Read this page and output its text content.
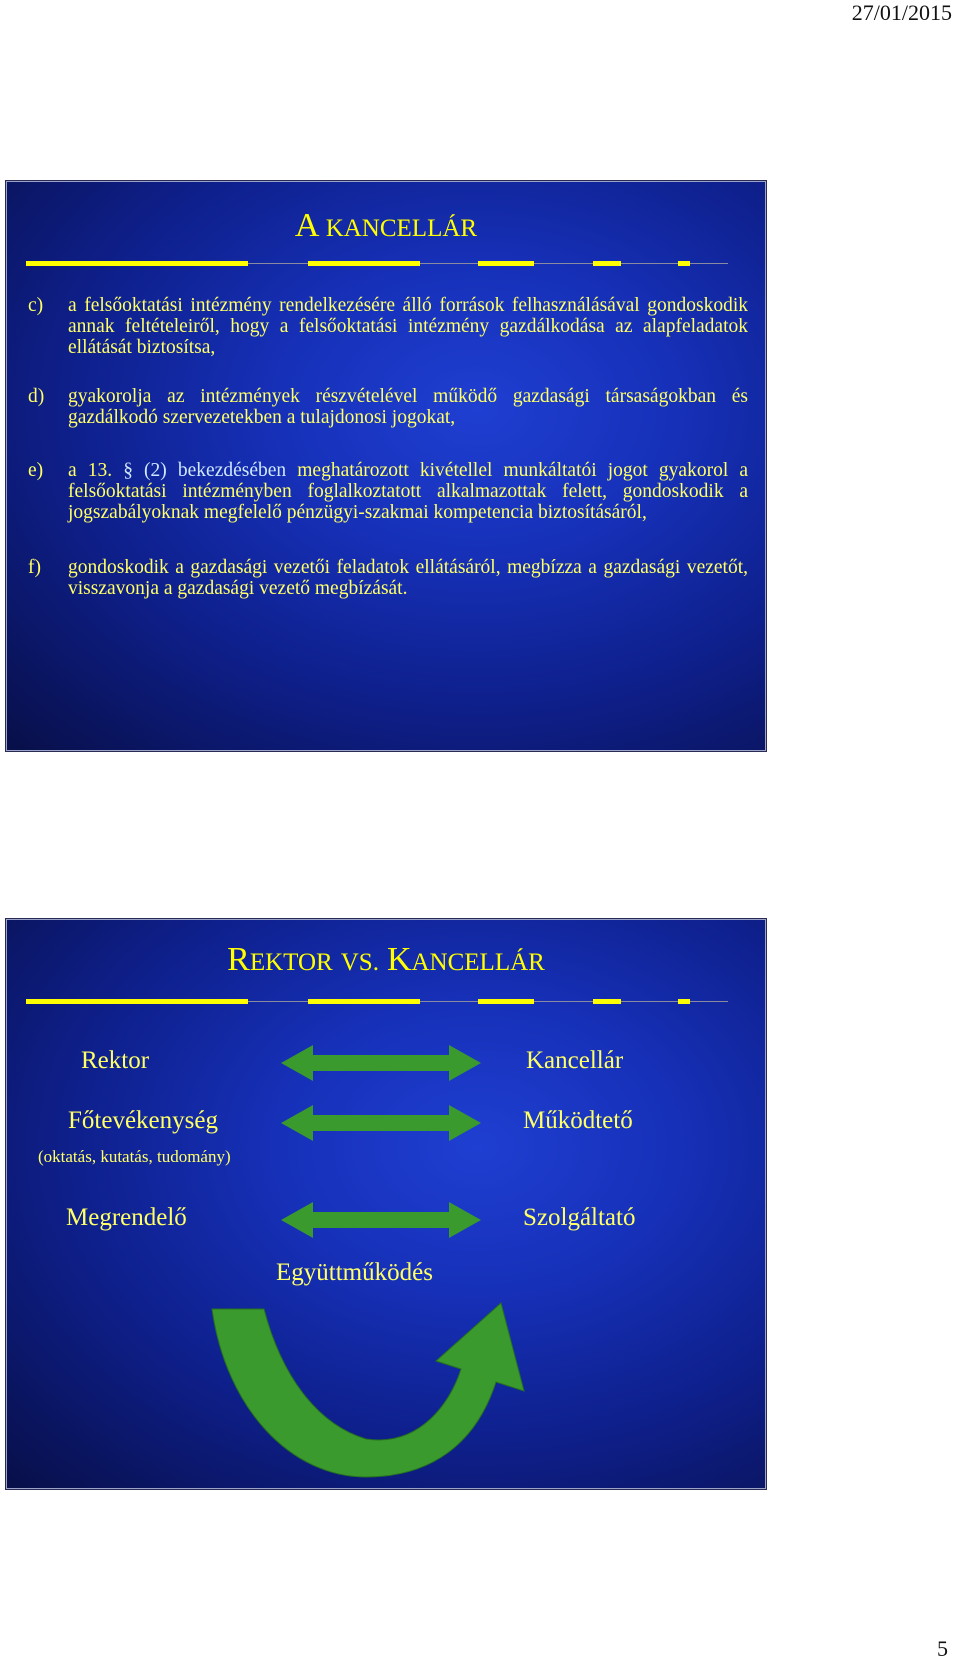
27/01/2015
A KANCELLÁR
c)	a felsőoktatási intézmény rendelkezésére álló források felhasználásával gondoskodik annak feltételeiről, hogy a felsőoktatási intézmény gazdálkodása az alapfeladatok ellátását biztosítsa,
d)	gyakorolja az intézmények részvételével működő gazdasági társaságokban és gazdálkodó szervezetekben a tulajdonosi jogokat,
e)	a 13. § (2) bekezdésében meghatározott kivétellel munkáltatói jogot gyakorol a felsőoktatási intézményben foglalkoztatott alkalmazottak felett, gondoskodik a jogszabályoknak megfelelő pénzügyi-szakmai kompetencia biztosításáról,
f)	gondoskodik a gazdasági vezetői feladatok ellátásáról, megbízza a gazdasági vezetőt, visszavonja a gazdasági vezető megbízását.
REKTOR VS. KANCELLÁR
Rektor	Kancellár
Főtevékenység
(oktatás, kutatás, tudomány)
Működtető
Megrendelő	Szolgáltató
Együttműködés
5
